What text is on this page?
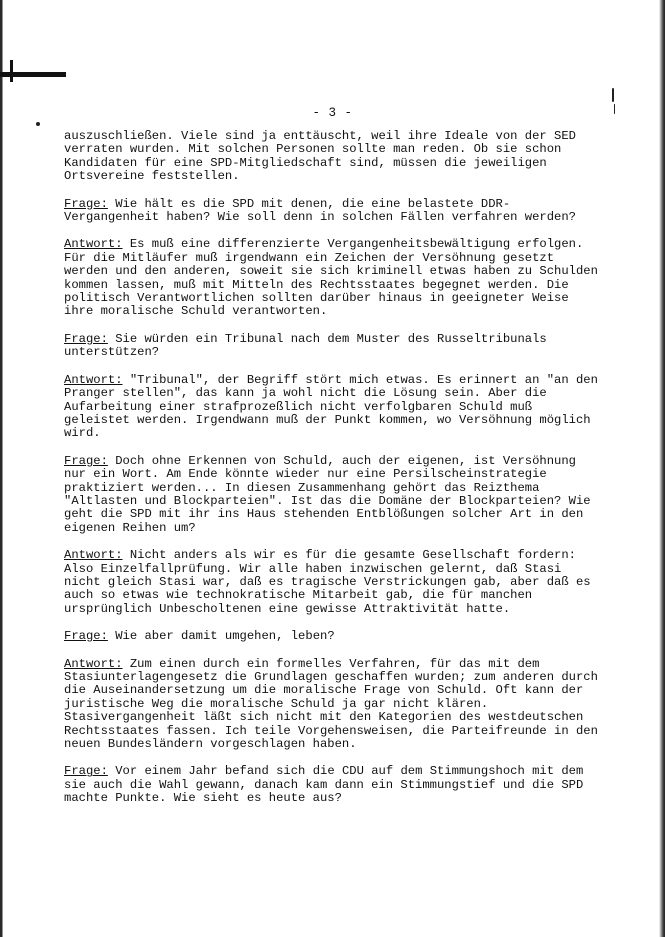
- 3 -

auszuschließen. Viele sind ja enttäuscht, weil ihre Ideale von der SED verraten wurden. Mit solchen Personen sollte man reden. Ob sie schon Kandidaten für eine SPD-Mitgliedschaft sind, müssen die jeweiligen Ortsvereine feststellen.

Frage: Wie hält es die SPD mit denen, die eine belastete DDR-Vergangenheit haben? Wie soll denn in solchen Fällen verfahren werden?

Antwort: Es muß eine differenzierte Vergangenheitsbewältigung erfolgen. Für die Mitläufer muß irgendwann ein Zeichen der Versöhnung gesetzt werden und den anderen, soweit sie sich kriminell etwas haben zu Schulden kommen lassen, muß mit Mitteln des Rechtsstaates begegnet werden. Die politisch Verantwortlichen sollten darüber hinaus in geeigneter Weise ihre moralische Schuld verantworten.

Frage: Sie würden ein Tribunal nach dem Muster des Russeltribunals unterstützen?

Antwort: "Tribunal", der Begriff stört mich etwas. Es erinnert an "an den Pranger stellen", das kann ja wohl nicht die Lösung sein. Aber die Aufarbeitung einer strafprozeßlich nicht verfolgbaren Schuld muß geleistet werden. Irgendwann muß der Punkt kommen, wo Versöhnung möglich wird.

Frage: Doch ohne Erkennen von Schuld, auch der eigenen, ist Versöhnung nur ein Wort. Am Ende könnte wieder nur eine Persilscheinstrategie praktiziert werden... In diesen Zusammenhang gehört das Reizthema "Altlasten und Blockparteien". Ist das die Domäne der Blockparteien? Wie geht die SPD mit ihr ins Haus stehenden Entblößungen solcher Art in den eigenen Reihen um?

Antwort: Nicht anders als wir es für die gesamte Gesellschaft fordern: Also Einzelfallprüfung. Wir alle haben inzwischen gelernt, daß Stasi nicht gleich Stasi war, daß es tragische Verstrickungen gab, aber daß es auch so etwas wie technokratische Mitarbeit gab, die für manchen ursprünglich Unbescholtenen eine gewisse Attraktivität hatte.

Frage: Wie aber damit umgehen, leben?

Antwort: Zum einen durch ein formelles Verfahren, für das mit dem Stasiunterlagengesetz die Grundlagen geschaffen wurden; zum anderen durch die Auseinandersetzung um die moralische Frage von Schuld. Oft kann der juristische Weg die moralische Schuld ja gar nicht klären. Stasivergangenheit läßt sich nicht mit den Kategorien des westdeutschen Rechtsstaates fassen. Ich teile Vorgehensweisen, die Parteifreunde in den neuen Bundesländern vorgeschlagen haben.

Frage: Vor einem Jahr befand sich die CDU auf dem Stimmungshoch mit dem sie auch die Wahl gewann, danach kam dann ein Stimmungstief und die SPD machte Punkte. Wie sieht es heute aus?
